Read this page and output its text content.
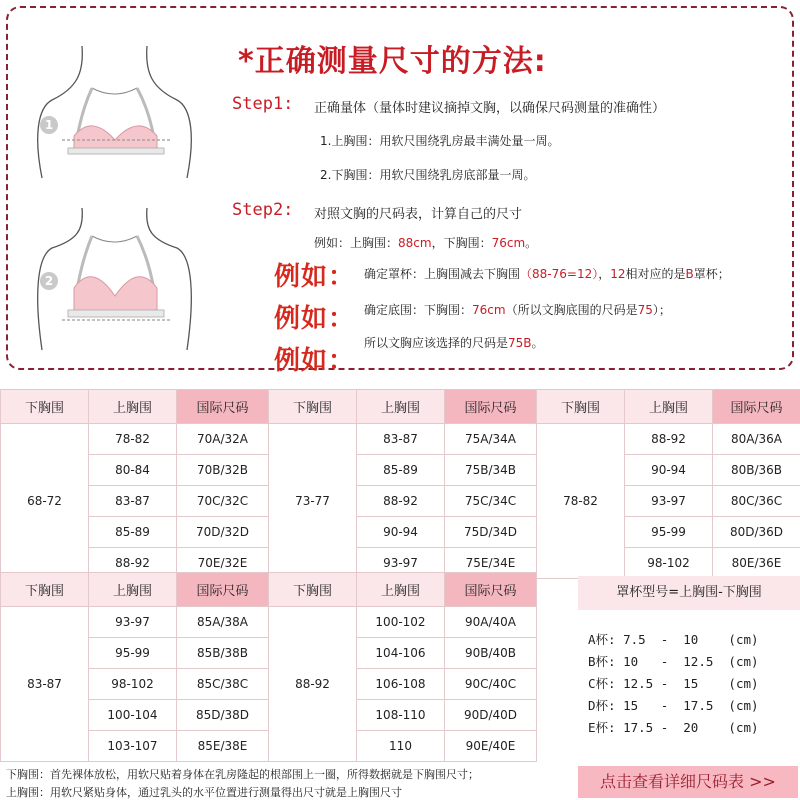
1
2
*正确测量尺寸的方法:
Step1: 正确量体（量体时建议摘掉文胸，以确保尺码测量的准确性）
1.上胸围：用软尺围绕乳房最丰满处量一周。
2.下胸围：用软尺围绕乳房底部量一周。
Step2: 对照文胸的尺码表，计算自己的尺寸
例如：上胸围：88cm，下胸围：76cm。
例如：
例如：
例如：
确定罩杯：上胸围减去下胸围（88-76=12），12相对应的是B罩杯；
确定底围：下胸围：76cm（所以文胸底围的尺码是75）；
所以文胸应该选择的尺码是75B。
下胸围	上胸围	国际尺码	下胸围	上胸围	国际尺码	下胸围	上胸围	国际尺码
68-72	78-82	70A/32A	73-77	83-87	75A/34A	78-82	88-92	80A/36A
	80-84	70B/32B		85-89	75B/34B		90-94	80B/36B
	83-87	70C/32C		88-92	75C/34C		93-97	80C/36C
	85-89	70D/32D		90-94	75D/34D		95-99	80D/36D
	88-92	70E/32E		93-97	75E/34E		98-102	80E/36E
下胸围	上胸围	国际尺码	下胸围	上胸围	国际尺码
83-87	93-97	85A/38A	88-92	100-102	90A/40A
	95-99	85B/38B		104-106	90B/40B
	98-102	85C/38C		106-108	90C/40C
	100-104	85D/38D		108-110	90D/40D
	103-107	85E/38E		110	90E/40E
罩杯型号=上胸围-下胸围
A杯: 7.5  -  10    (cm)
B杯: 10   -  12.5  (cm)
C杯: 12.5 -  15    (cm)
D杯: 15   -  17.5  (cm)
E杯: 17.5 -  20    (cm)
下胸围：首先裸体放松，用软尺贴着身体在乳房隆起的根部围上一圈，所得数据就是下胸围尺寸；
上胸围：用软尺紧贴身体，通过乳头的水平位置进行测量得出尺寸就是上胸围尺寸
点击查看详细尺码表 >>
